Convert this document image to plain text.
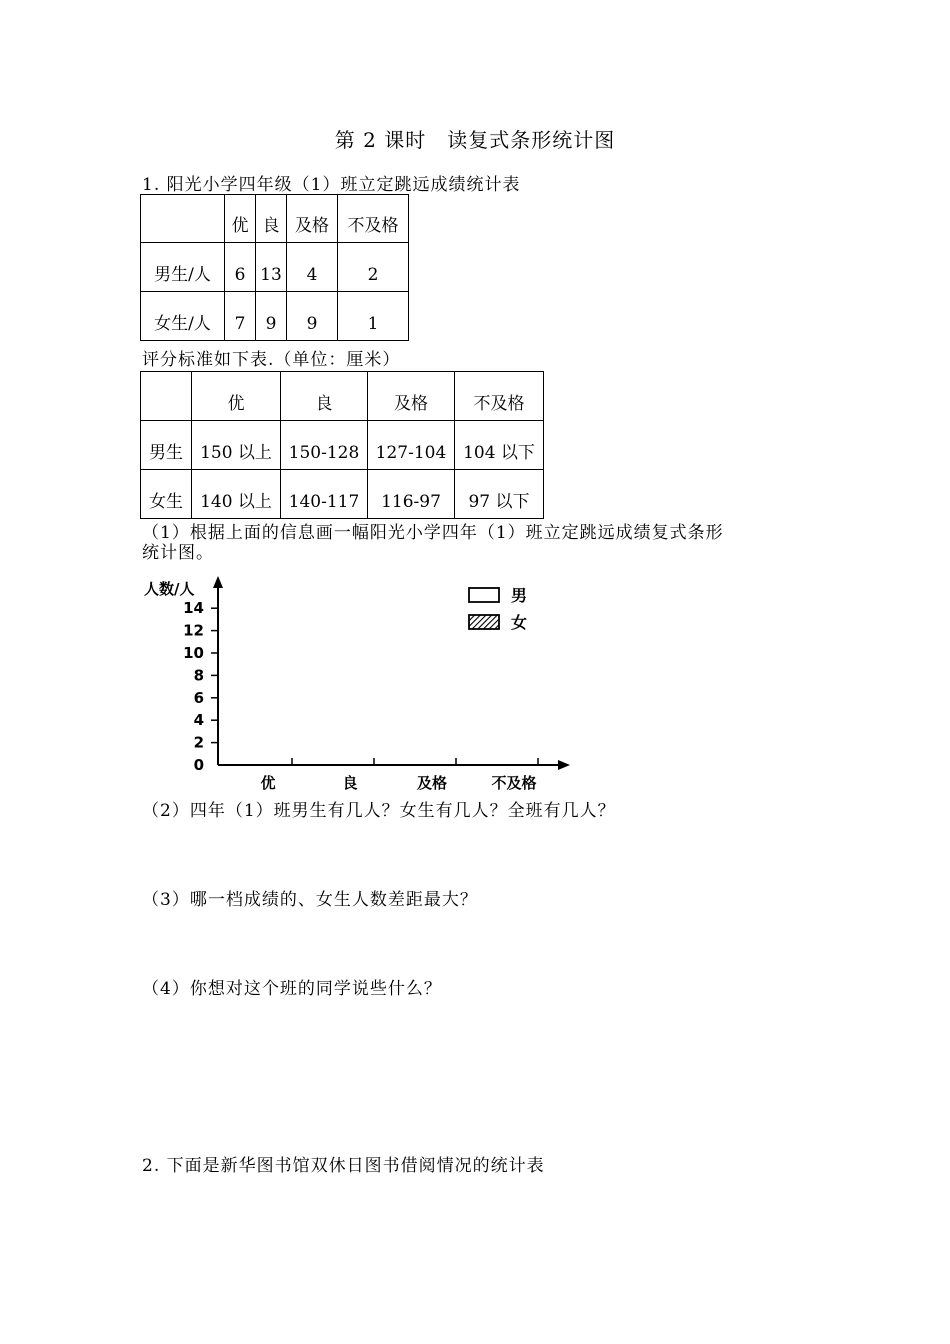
第 2 课时　读复式条形统计图
1. 阳光小学四年级（1）班立定跳远成绩统计表
	优	良	及格	不及格
男生/人	6	13	4	2
女生/人	7	9	9	1
评分标准如下表.（单位：厘米）
	优	良	及格	不及格
男生	150 以上	150-128	127-104	104 以下
女生	140 以上	140-117	116-97	97 以下
（1）根据上面的信息画一幅阳光小学四年（1）班立定跳远成绩复式条形
统计图。
人数/人
0
2
4
6
8
10
12
14
优	良	及格	不及格
男
女
（2）四年（1）班男生有几人？女生有几人？全班有几人？
（3）哪一档成绩的、女生人数差距最大？
（4）你想对这个班的同学说些什么？
2. 下面是新华图书馆双休日图书借阅情况的统计表
